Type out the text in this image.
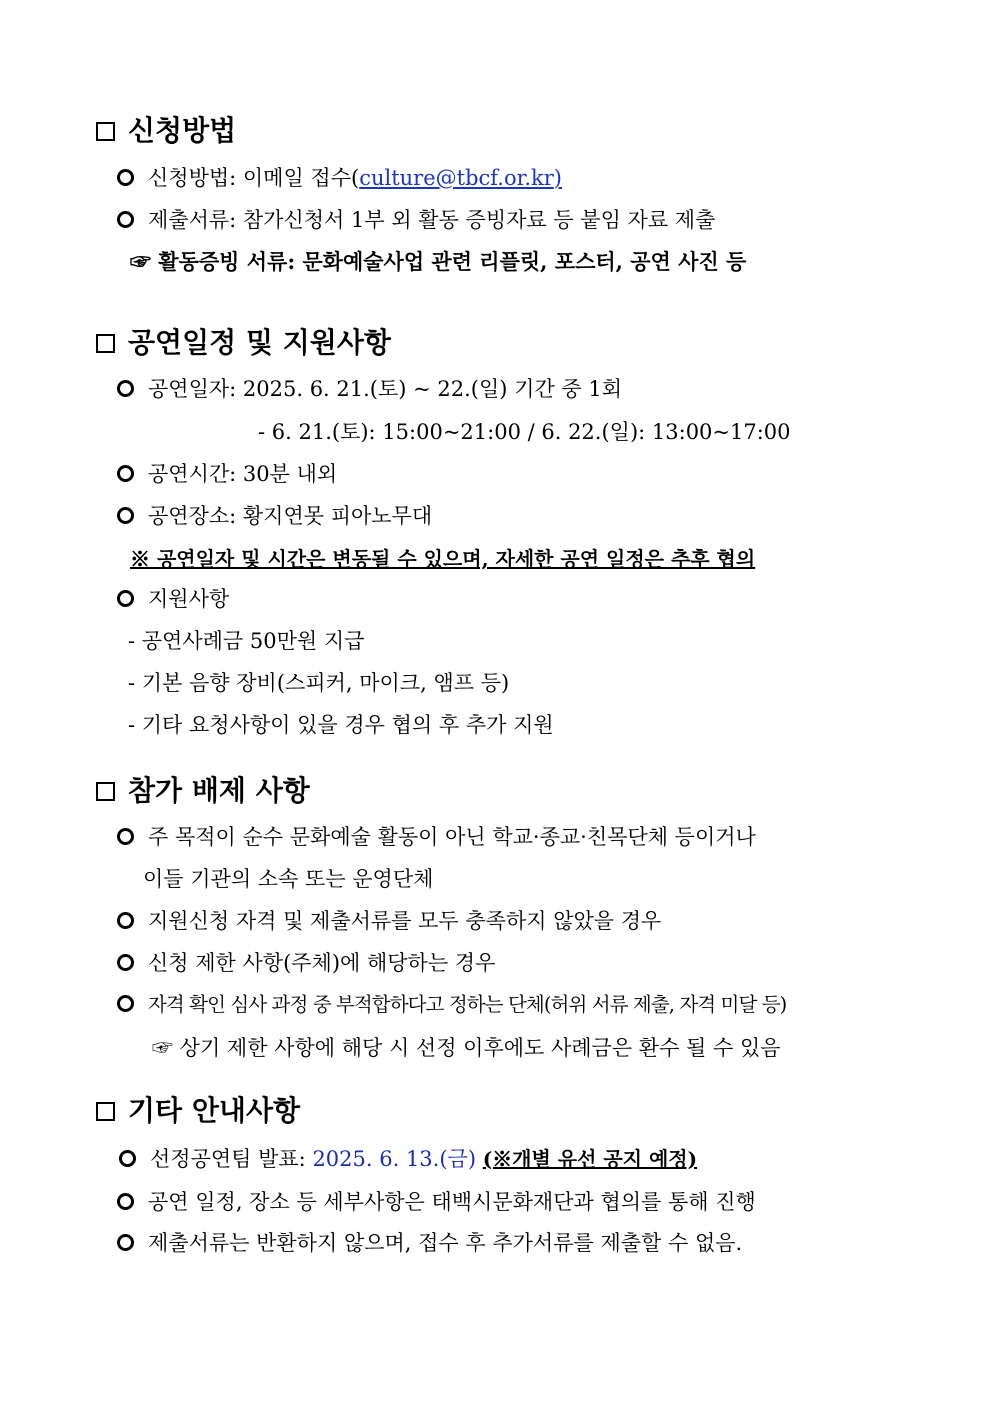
신청방법
신청방법: 이메일 접수(culture@tbcf.or.kr)
제출서류: 참가신청서 1부 외 활동 증빙자료 등 붙임 자료 제출
☞ 활동증빙 서류: 문화예술사업 관련 리플릿, 포스터, 공연 사진 등
공연일정 및 지원사항
공연일자: 2025. 6. 21.(토) ~ 22.(일) 기간 중 1회
- 6. 21.(토): 15:00~21:00 / 6. 22.(일): 13:00~17:00
공연시간: 30분 내외
공연장소: 황지연못 피아노무대
※ 공연일자 및 시간은 변동될 수 있으며, 자세한 공연 일정은 추후 협의
지원사항
- 공연사례금 50만원 지급
- 기본 음향 장비(스피커, 마이크, 앰프 등)
- 기타 요청사항이 있을 경우 협의 후 추가 지원
참가 배제 사항
주 목적이 순수 문화예술 활동이 아닌 학교·종교·친목단체 등이거나
이들 기관의 소속 또는 운영단체
지원신청 자격 및 제출서류를 모두 충족하지 않았을 경우
신청 제한 사항(주체)에 해당하는 경우
자격 확인 심사 과정 중 부적합하다고 정하는 단체(허위 서류 제출, 자격 미달 등)
☞ 상기 제한 사항에 해당 시 선정 이후에도 사례금은 환수 될 수 있음
기타 안내사항
선정공연팀 발표: 2025. 6. 13.(금) (※개별 유선 공지 예정)
공연 일정, 장소 등 세부사항은 태백시문화재단과 협의를 통해 진행
제출서류는 반환하지 않으며, 접수 후 추가서류를 제출할 수 없음.
